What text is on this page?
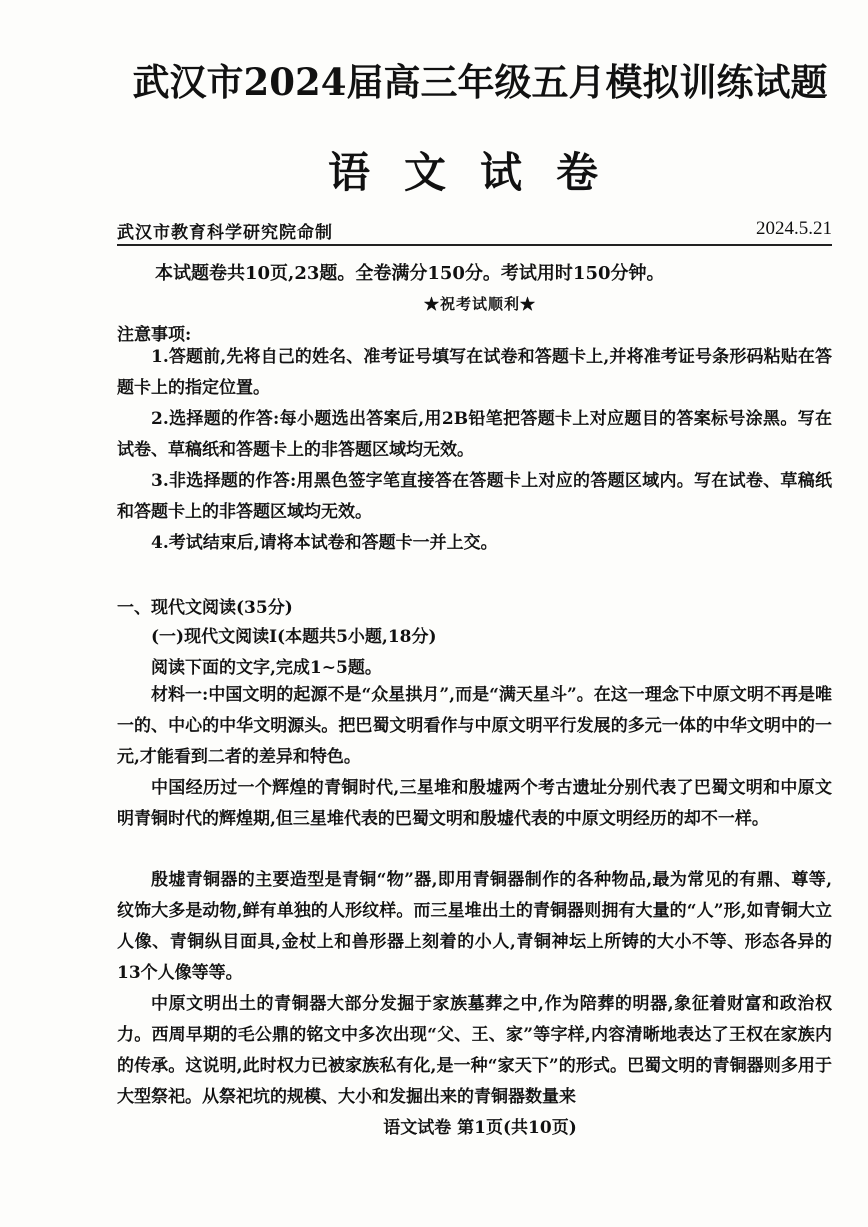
武汉市2024届高三年级五月模拟训练试题
语文试卷
武汉市教育科学研究院命制	2024.5.21
本试题卷共10页,23题。全卷满分150分。考试用时150分钟。
★祝考试顺利★
注意事项:
1.答题前,先将自己的姓名、准考证号填写在试卷和答题卡上,并将准考证号条形码粘贴在答题卡上的指定位置。
2.选择题的作答:每小题选出答案后,用2B铅笔把答题卡上对应题目的答案标号涂黑。写在试卷、草稿纸和答题卡上的非答题区域均无效。
3.非选择题的作答:用黑色签字笔直接答在答题卡上对应的答题区域内。写在试卷、草稿纸和答题卡上的非答题区域均无效。
4.考试结束后,请将本试卷和答题卡一并上交。
一、现代文阅读(35分)
(一)现代文阅读Ⅰ(本题共5小题,18分)
阅读下面的文字,完成1~5题。
材料一:中国文明的起源不是“众星拱月”,而是“满天星斗”。在这一理念下中原文明不再是唯一的、中心的中华文明源头。把巴蜀文明看作与中原文明平行发展的多元一体的中华文明中的一元,才能看到二者的差异和特色。
中国经历过一个辉煌的青铜时代,三星堆和殷墟两个考古遗址分别代表了巴蜀文明和中原文明青铜时代的辉煌期,但三星堆代表的巴蜀文明和殷墟代表的中原文明经历的却不一样。
殷墟青铜器的主要造型是青铜“物”器,即用青铜器制作的各种物品,最为常见的有鼎、尊等,纹饰大多是动物,鲜有单独的人形纹样。而三星堆出土的青铜器则拥有大量的“人”形,如青铜大立人像、青铜纵目面具,金杖上和兽形器上刻着的小人,青铜神坛上所铸的大小不等、形态各异的13个人像等等。
中原文明出土的青铜器大部分发掘于家族墓葬之中,作为陪葬的明器,象征着财富和政治权力。西周早期的毛公鼎的铭文中多次出现“父、王、家”等字样,内容清晰地表达了王权在家族内的传承。这说明,此时权力已被家族私有化,是一种“家天下”的形式。巴蜀文明的青铜器则多用于大型祭祀。从祭祀坑的规模、大小和发掘出来的青铜器数量来
语文试卷 第1页(共10页)
